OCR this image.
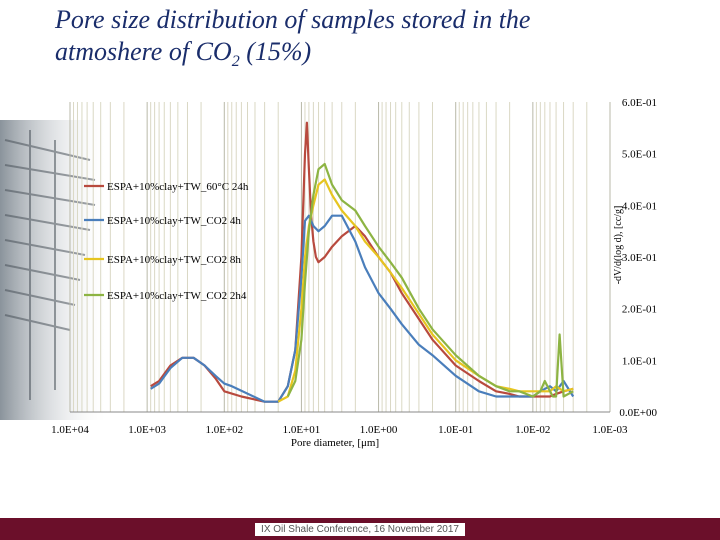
Pore size distribution of samples stored in the
atmoshere of $CO_2$ (15%)
1.0E+04	1.0E+03	1.0E+02	1.0E+01	1.0E+00	1.0E-01	1.0E-02	1.0E-03
0.0E+00
1.0E-01
2.0E-01
3.0E-01
4.0E-01
5.0E-01
6.0E-01
ESPA+10%clay+TW_60°C 24h
ESPA+10%clay+TW_CO2 4h
ESPA+10%clay+TW_CO2 8h
ESPA+10%clay+TW_CO2 2h4
Pore diameter, [μm]
-dV/d(log d), [cc/g]
IX Oil Shale Conference, 16 November 2017
